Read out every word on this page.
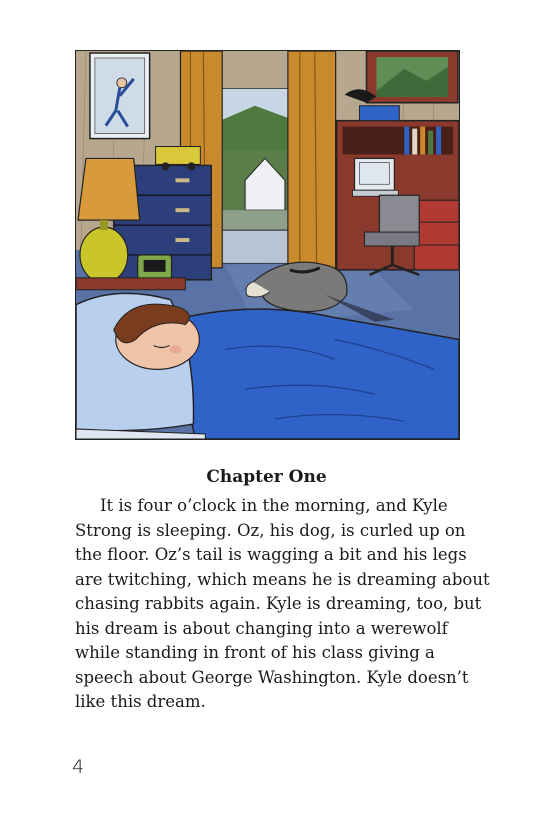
Chapter One
It is four o’clock in the morning, and Kyle
Strong is sleeping. Oz, his dog, is curled up on
the floor. Oz’s tail is wagging a bit and his legs
are twitching, which means he is dreaming about
chasing rabbits again. Kyle is dreaming, too, but
his dream is about changing into a werewolf
while standing in front of his class giving a
speech about George Washington. Kyle doesn’t
like this dream.
4
